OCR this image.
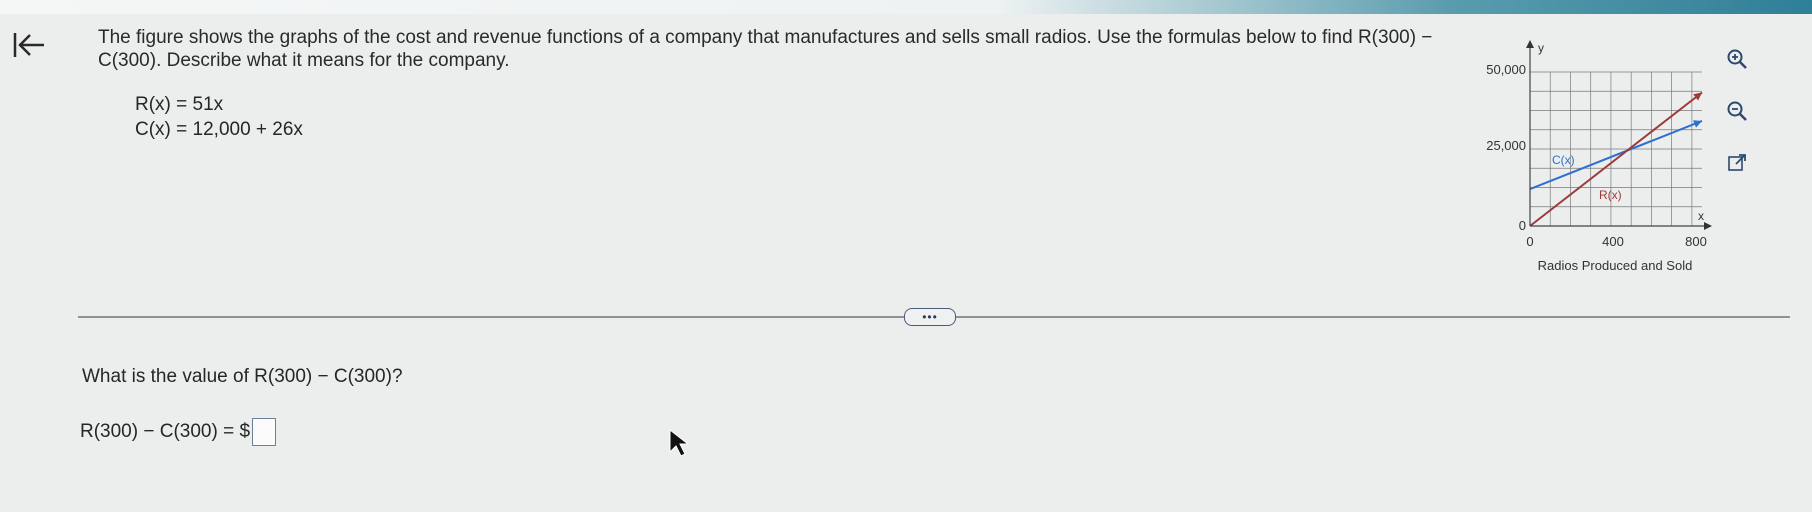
The figure shows the graphs of the cost and revenue functions of a company that manufactures and sells small radios. Use the formulas below to find R(300) − C(300). Describe what it means for the company.
R(x) = 51x
C(x) = 12,000 + 26x
y
x
50,000
25,000
0
0	400	800
C(x)
R(x)
Radios Produced and Sold
•••
What is the value of R(300) − C(300)?
R(300) − C(300) = $
